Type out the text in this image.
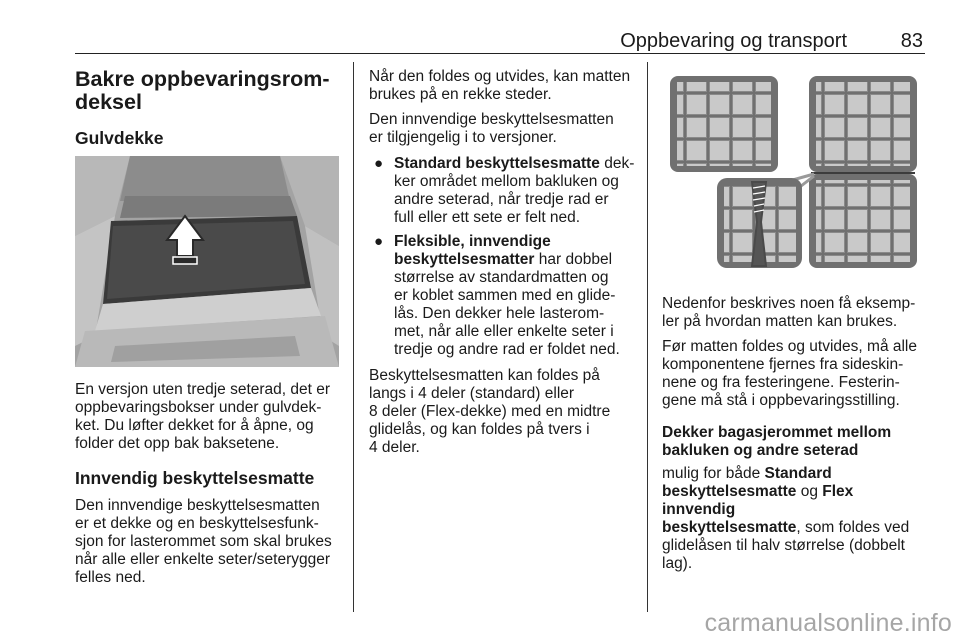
Oppbevaring og transport	83
Bakre oppbevaringsrom-
deksel
Gulvdekke

En versjon uten tredje seterad, det er
oppbevaringsbokser under gulvdek-
ket. Du løfter dekket for å åpne, og
folder det opp bak baksetene.

Innvendig beskyttelsesmatte

Den innvendige beskyttelsesmatten
er et dekke og en beskyttelsesfunk-
sjon for lasterommet som skal brukes
når alle eller enkelte seter/seterygger
felles ned.

Når den foldes og utvides, kan matten
brukes på en rekke steder.

Den innvendige beskyttelsesmatten
er tilgjengelig i to versjoner.

● Standard beskyttelsesmatte dek-
ker området mellom bakluken og
andre seterad, når tredje rad er
full eller ett sete er felt ned.
● Fleksible, innvendige
beskyttelsesmatter har dobbel
størrelse av standardmatten og
er koblet sammen med en glide-
lås. Den dekker hele lasterom-
met, når alle eller enkelte seter i
tredje og andre rad er foldet ned.

Beskyttelsesmatten kan foldes på
langs i 4 deler (standard) eller
8 deler (Flex-dekke) med en midtre
glidelås, og kan foldes på tvers i
4 deler.

Nedenfor beskrives noen få eksemp-
ler på hvordan matten kan brukes.

Før matten foldes og utvides, må alle
komponentene fjernes fra sideskin-
nene og fra festeringene. Festerin-
gene må stå i oppbevaringsstilling.

Dekker bagasjerommet mellom
bakluken og andre seterad

mulig for både Standard
beskyttelsesmatte og Flex innvendig
beskyttelsesmatte, som foldes ved
glidelåsen til halv størrelse (dobbelt
lag).

carmanualsonline.info
